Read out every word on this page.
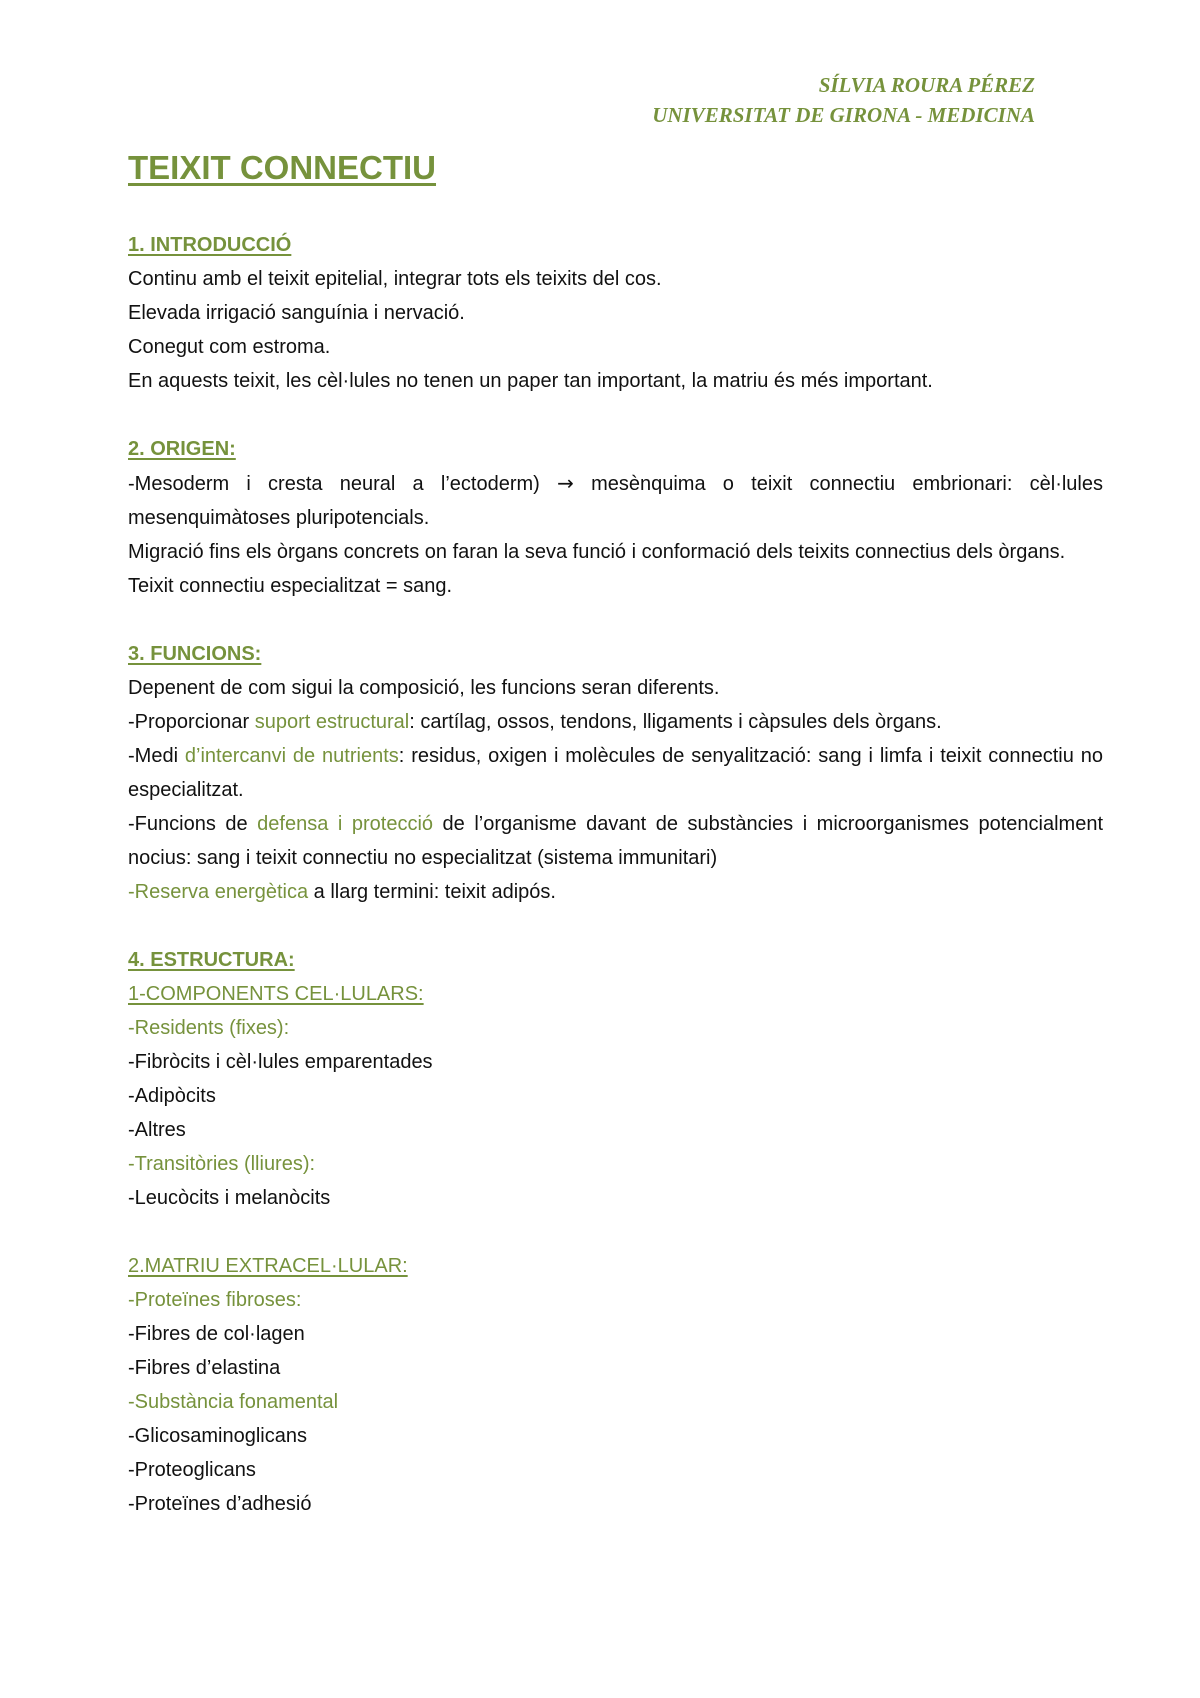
SÍLVIA ROURA PÉREZ
UNIVERSITAT DE GIRONA - MEDICINA
TEIXIT CONNECTIU
1. INTRODUCCIÓ

Continu amb el teixit epitelial, integrar tots els teixits del cos.

Elevada irrigació sanguínia i nervació.

Conegut com estroma.

En aquests teixit, les cèl·lules no tenen un paper tan important, la matriu és més important.

2. ORIGEN:

-Mesoderm i cresta neural a l’ectoderm) → mesènquima o teixit connectiu embrionari: cèl·lules mesenquimàtoses pluripotencials.

Migració fins els òrgans concrets on faran la seva funció i conformació dels teixits connectius dels òrgans.

Teixit connectiu especialitzat = sang.

3. FUNCIONS:

Depenent de com sigui la composició, les funcions seran diferents.

-Proporcionar suport estructural: cartílag, ossos, tendons, lligaments i càpsules dels òrgans.

-Medi d’intercanvi de nutrients: residus, oxigen i molècules de senyalització: sang i limfa i teixit connectiu no especialitzat.

-Funcions de defensa i protecció de l’organisme davant de substàncies i microorganismes potencialment nocius: sang i teixit connectiu no especialitzat (sistema immunitari)

-Reserva energètica a llarg termini: teixit adipós.

4. ESTRUCTURA:
1-COMPONENTS CEL·LULARS:
-Residents (fixes):

-Fibròcits i cèl·lules emparentades

-Adipòcits

-Altres

-Transitòries (lliures):

-Leucòcits i melanòcits

2.MATRIU EXTRACEL·LULAR:
-Proteïnes fibroses:

-Fibres de col·lagen

-Fibres d’elastina

-Substància fonamental

-Glicosaminoglicans

-Proteoglicans

-Proteïnes d’adhesió
